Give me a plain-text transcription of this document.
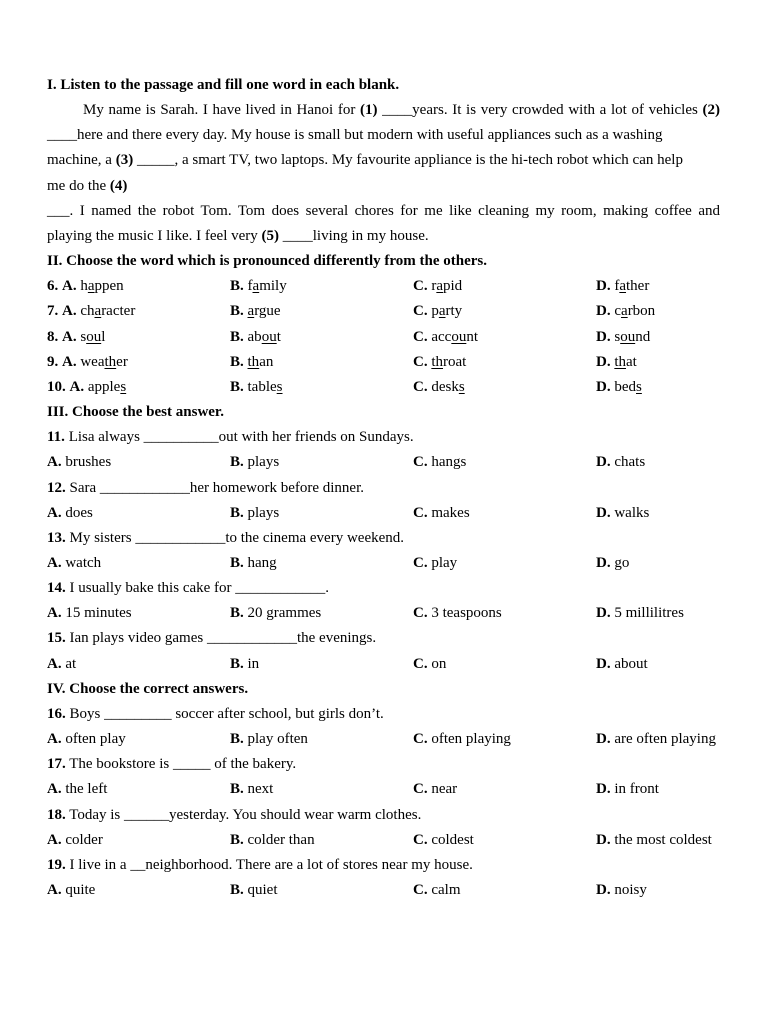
I. Listen to the passage and fill one word in each blank.
My name is Sarah. I have lived in Hanoi for (1) ____years. It is very crowded with a lot of vehicles (2)
____here and there every day. My house is small but modern with useful appliances such as a washing
machine, a (3) _____, a smart TV, two laptops. My favourite appliance is the hi-tech robot which can help
me do the (4)
___. I named the robot Tom. Tom does several chores for me like cleaning my room, making coffee and
playing the music I like. I feel very (5) ____living in my house.
II. Choose the word which is pronounced differently from the others.
6. A. happen	B. family	C. rapid	D. father
7. A. character	B. argue	C. party	D. carbon
8. A. soul	B. about	C. account	D. sound
9. A. weather	B. than	C. throat	D. that
10. A. apples	B. tables	C. desks	D. beds
III. Choose the best answer.
11. Lisa always __________out with her friends on Sundays.
A. brushes	B. plays	C. hangs	D. chats
12. Sara ____________her homework before dinner.
A. does	B. plays	C. makes	D. walks
13. My sisters ____________to the cinema every weekend.
A. watch	B. hang	C. play	D. go
14. I usually bake this cake for ____________.
A. 15 minutes	B. 20 grammes	C. 3 teaspoons	D. 5 millilitres
15. Ian plays video games ____________the evenings.
A. at	B. in	C. on	D. about
IV. Choose the correct answers.
16. Boys _________ soccer after school, but girls don’t.
A. often play	B. play often	C. often playing	D. are often playing
17. The bookstore is _____ of the bakery.
A. the left	B. next	C. near	D. in front
18. Today is ______yesterday. You should wear warm clothes.
A. colder	B. colder than	C. coldest	D. the most coldest
19. I live in a __neighborhood. There are a lot of stores near my house.
A. quite	B. quiet	C. calm	D. noisy
